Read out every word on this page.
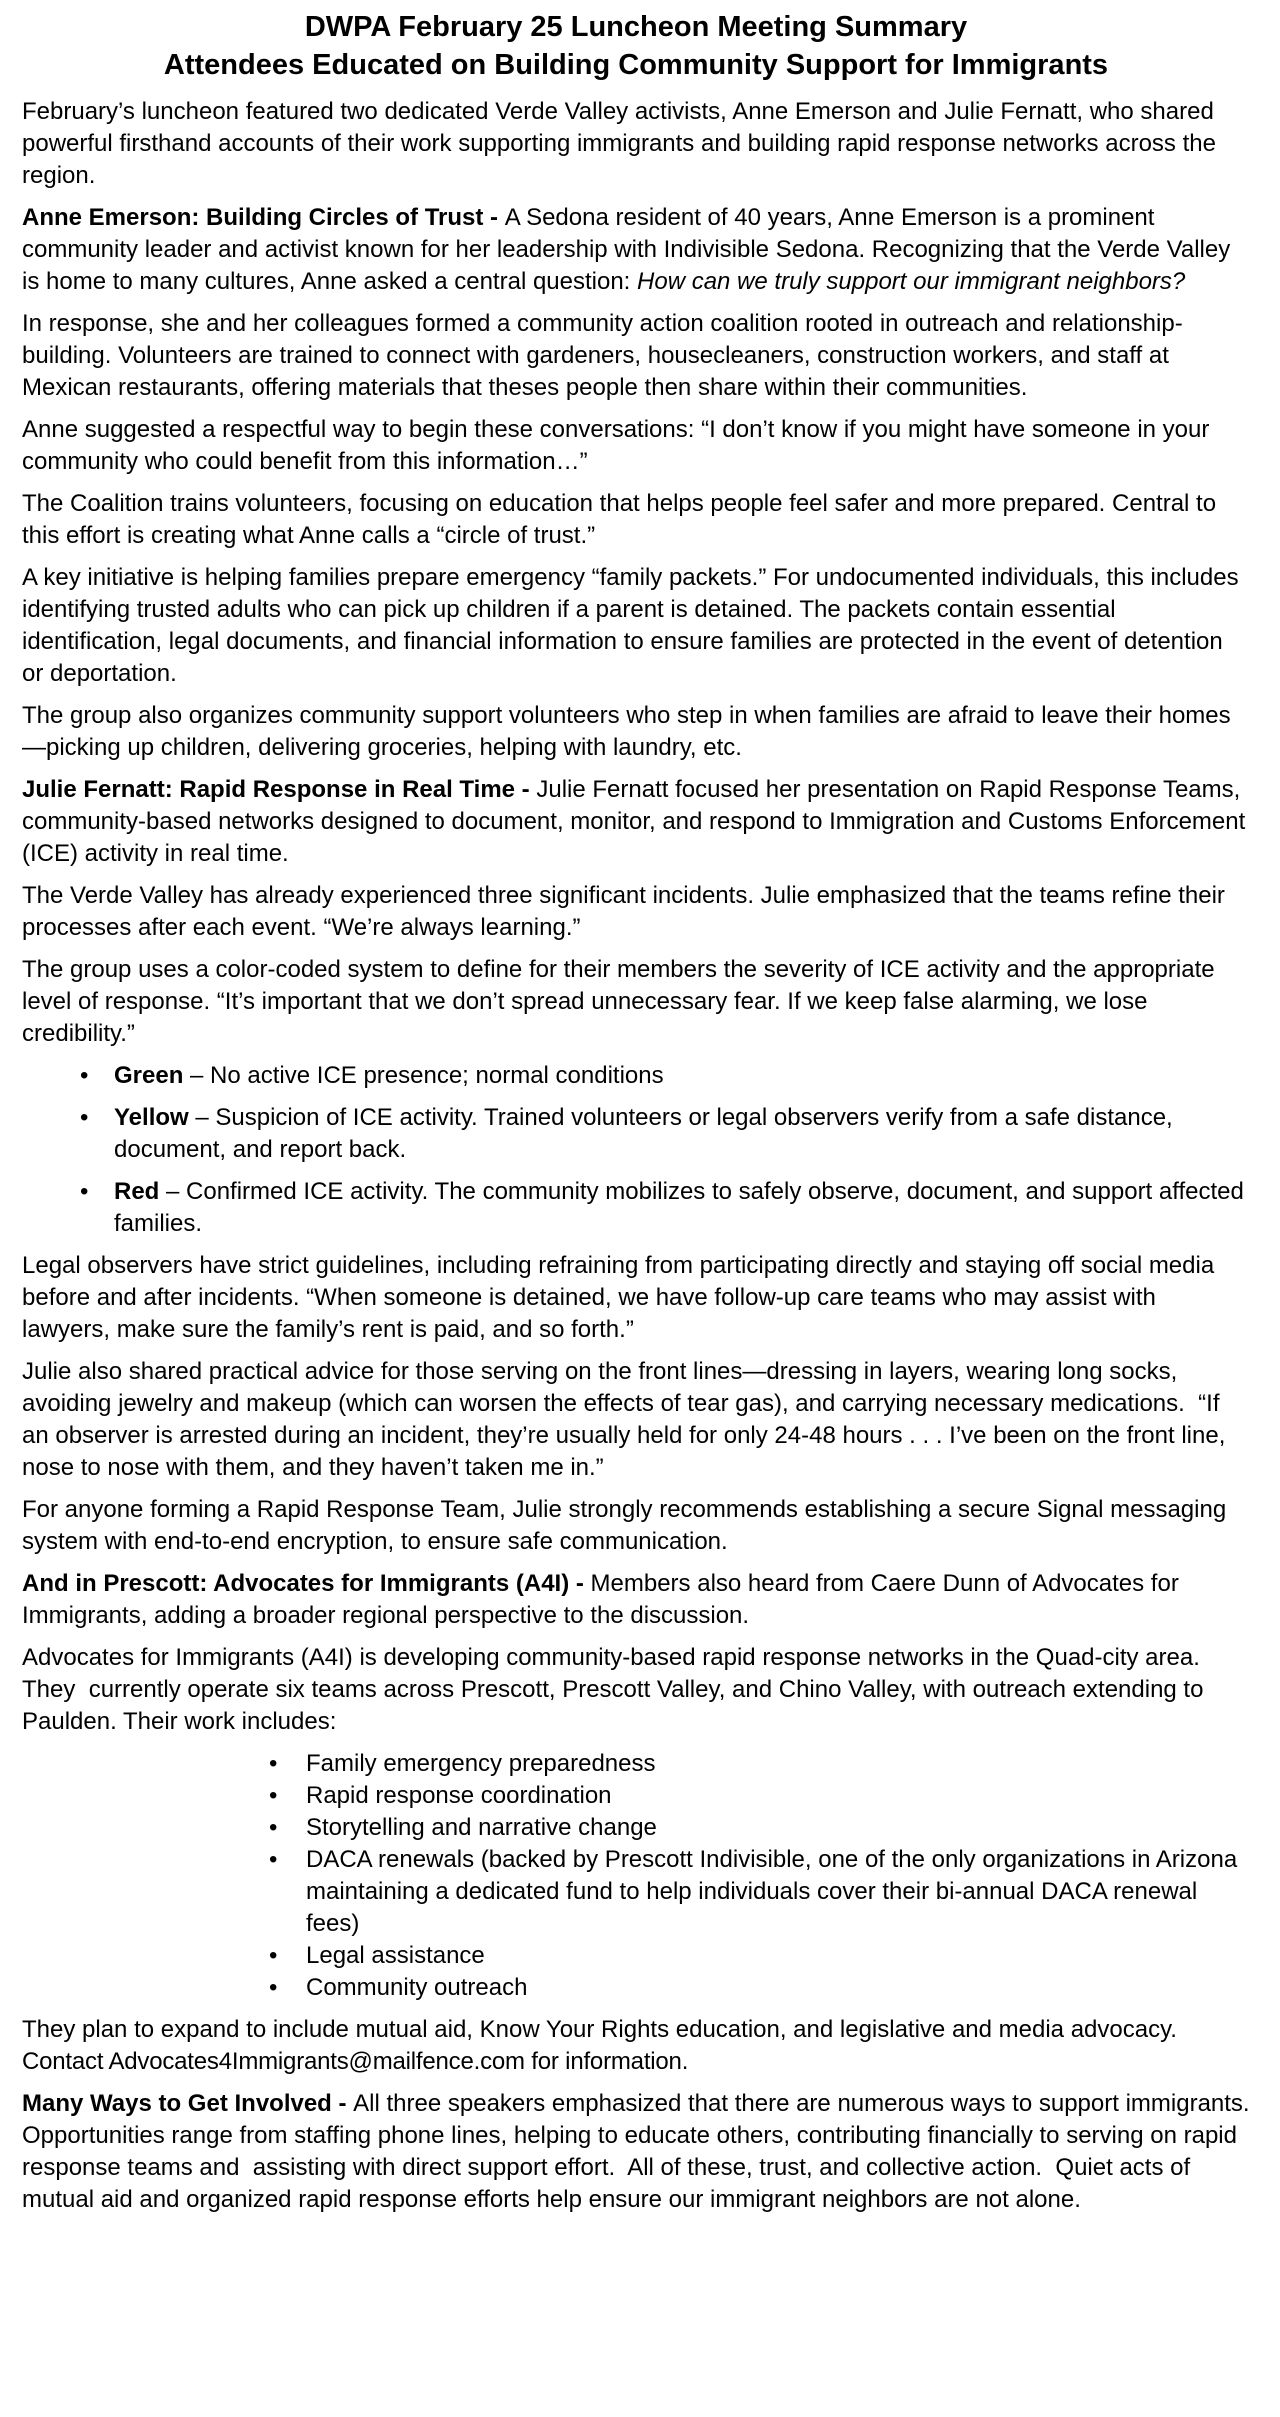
DWPA February 25 Luncheon Meeting Summary
Attendees Educated on Building Community Support for Immigrants

February’s luncheon featured two dedicated Verde Valley activists, Anne Emerson and Julie Fernatt, who shared powerful firsthand accounts of their work supporting immigrants and building rapid response networks across the region.

Anne Emerson: Building Circles of Trust - A Sedona resident of 40 years, Anne Emerson is a prominent community leader and activist known for her leadership with Indivisible Sedona. Recognizing that the Verde Valley is home to many cultures, Anne asked a central question: How can we truly support our immigrant neighbors?

In response, she and her colleagues formed a community action coalition rooted in outreach and relationship-building. Volunteers are trained to connect with gardeners, housecleaners, construction workers, and staff at Mexican restaurants, offering materials that theses people then share within their communities.

Anne suggested a respectful way to begin these conversations: “I don’t know if you might have someone in your community who could benefit from this information…”

The Coalition trains volunteers, focusing on education that helps people feel safer and more prepared. Central to this effort is creating what Anne calls a “circle of trust.”

A key initiative is helping families prepare emergency “family packets.” For undocumented individuals, this includes identifying trusted adults who can pick up children if a parent is detained. The packets contain essential identification, legal documents, and financial information to ensure families are protected in the event of detention or deportation.

The group also organizes community support volunteers who step in when families are afraid to leave their homes—picking up children, delivering groceries, helping with laundry, etc.

Julie Fernatt: Rapid Response in Real Time - Julie Fernatt focused her presentation on Rapid Response Teams, community-based networks designed to document, monitor, and respond to Immigration and Customs Enforcement (ICE) activity in real time.

The Verde Valley has already experienced three significant incidents. Julie emphasized that the teams refine their processes after each event. “We’re always learning.”

The group uses a color-coded system to define for their members the severity of ICE activity and the appropriate level of response. “It’s important that we don’t spread unnecessary fear. If we keep false alarming, we lose credibility.”

•	Green – No active ICE presence; normal conditions
•	Yellow – Suspicion of ICE activity. Trained volunteers or legal observers verify from a safe distance, document, and report back.
•	Red – Confirmed ICE activity. The community mobilizes to safely observe, document, and support affected families.

Legal observers have strict guidelines, including refraining from participating directly and staying off social media before and after incidents. “When someone is detained, we have follow-up care teams who may assist with lawyers, make sure the family’s rent is paid, and so forth.”

Julie also shared practical advice for those serving on the front lines—dressing in layers, wearing long socks, avoiding jewelry and makeup (which can worsen the effects of tear gas), and carrying necessary medications.  “If an observer is arrested during an incident, they’re usually held for only 24-48 hours . . . I’ve been on the front line, nose to nose with them, and they haven’t taken me in.”

For anyone forming a Rapid Response Team, Julie strongly recommends establishing a secure Signal messaging system with end-to-end encryption, to ensure safe communication.

And in Prescott: Advocates for Immigrants (A4I) - Members also heard from Caere Dunn of Advocates for Immigrants, adding a broader regional perspective to the discussion.

Advocates for Immigrants (A4I) is developing community-based rapid response networks in the Quad-city area.  They  currently operate six teams across Prescott, Prescott Valley, and Chino Valley, with outreach extending to Paulden. Their work includes:

•	Family emergency preparedness
•	Rapid response coordination
•	Storytelling and narrative change
•	DACA renewals (backed by Prescott Indivisible, one of the only organizations in Arizona maintaining a dedicated fund to help individuals cover their bi-annual DACA renewal fees)
•	Legal assistance
•	Community outreach

They plan to expand to include mutual aid, Know Your Rights education, and legislative and media advocacy.  Contact Advocates4Immigrants@mailfence.com for information.

Many Ways to Get Involved - All three speakers emphasized that there are numerous ways to support immigrants. Opportunities range from staffing phone lines, helping to educate others, contributing financially to serving on rapid response teams and  assisting with direct support effort.  All of these, trust, and collective action.  Quiet acts of mutual aid and organized rapid response efforts help ensure our immigrant neighbors are not alone.
